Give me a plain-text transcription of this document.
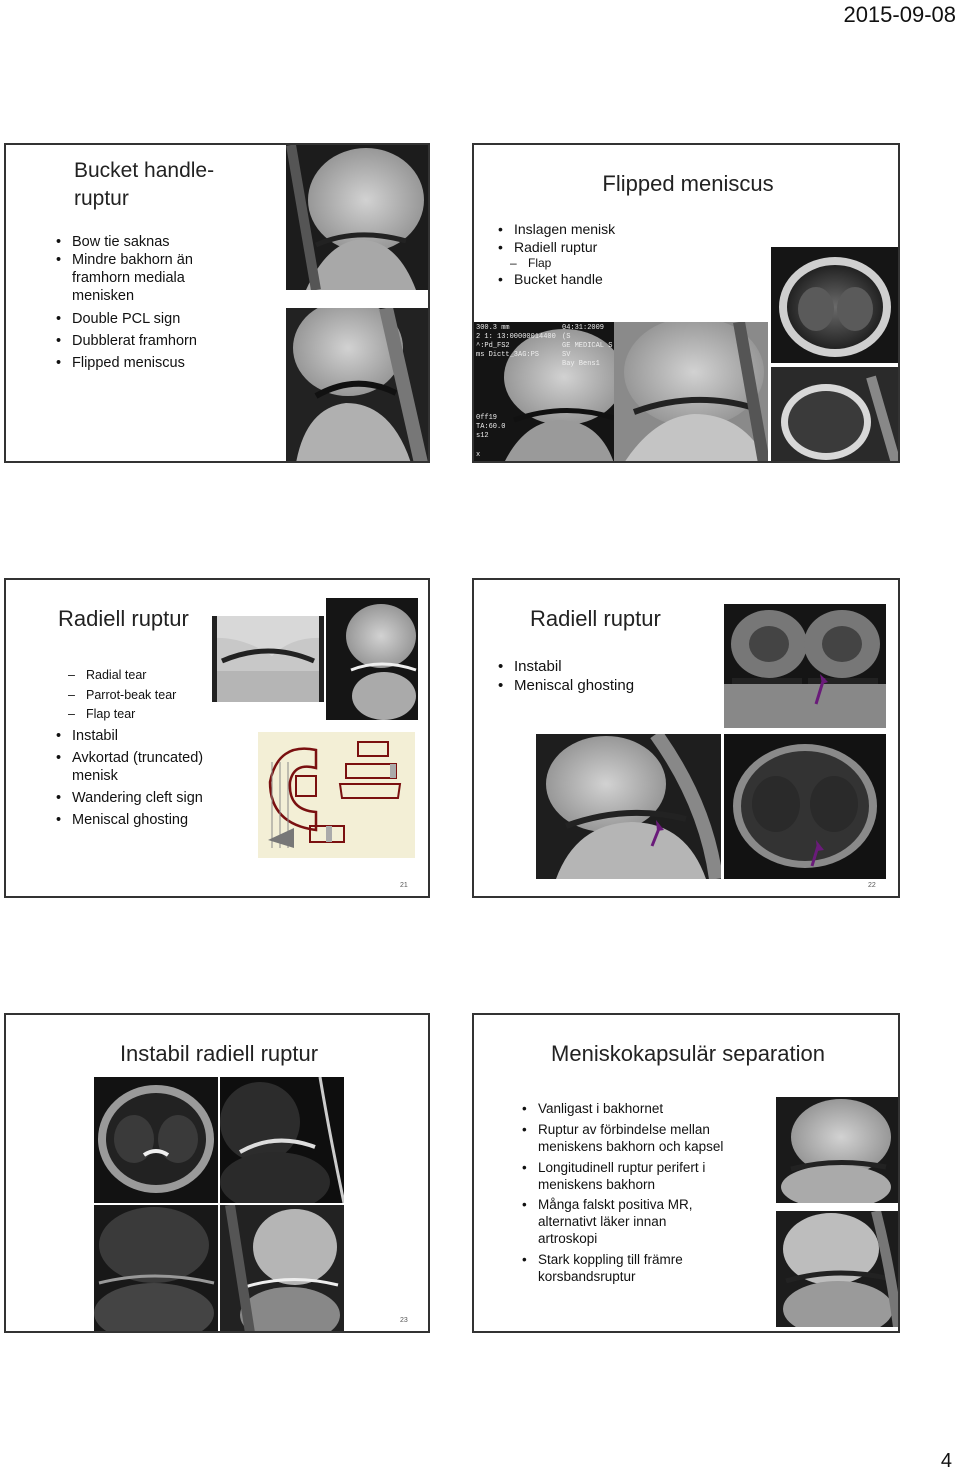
2015-09-08
Bucket handle-
ruptur
• Bow tie saknas
• Mindre bakhorn än
framhorn mediala
menisken
• Double PCL sign
• Dubblerat framhorn
• Flipped meniscus
Flipped meniscus
• Inslagen menisk
• Radiell ruptur
– Flap
• Bucket handle
300.3 mm
2 1: 13:00000014400
^:Pd_FS2
ms Dictt_3AG:PS
0ff19
TA:60.0
s12
x
04:31:2009 (S
GE MEDICAL S
SV
Bay Bens1
Radiell ruptur
– Radial tear
– Parrot-beak tear
– Flap tear
• Instabil
• Avkortad (truncated)
menisk
• Wandering cleft sign
• Meniscal ghosting
21
Radiell ruptur
• Instabil
• Meniscal ghosting
22
Instabil radiell ruptur
23
Meniskokapsulär separation
• Vanligast i bakhornet
• Ruptur av förbindelse mellan
meniskens bakhorn och kapsel
• Longitudinell ruptur perifert i
meniskens bakhorn
• Många falskt positiva MR,
alternativt läker innan
artroskopi
• Stark koppling till främre
korsbandsruptur
4
